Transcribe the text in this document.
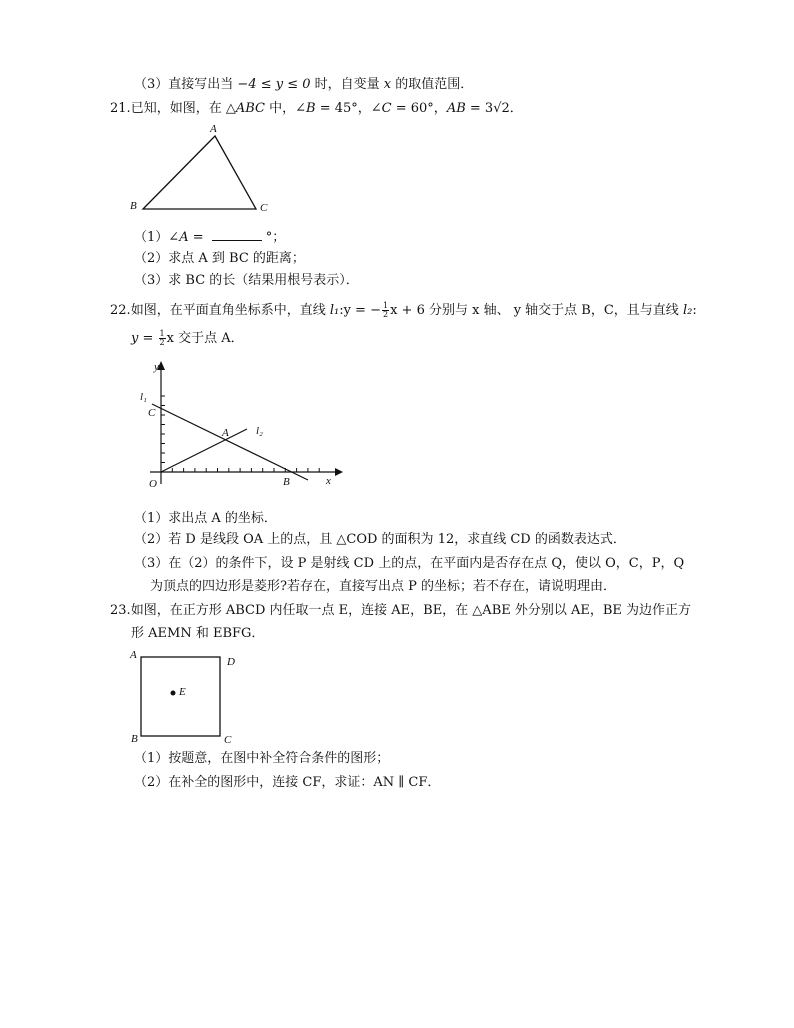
（3）直接写出当 −4 ≤ y ≤ 0 时，自变量 x 的取值范围．
21.已知，如图，在 △ABC 中，∠B = 45°，∠C = 60°，AB = 3√2．
A
B	C
（1）∠A =	°；
（2）求点 A 到 BC 的距离；
（3）求 BC 的长（结果用根号表示）．
22.如图，在平面直角坐标系中，直线 l₁:y = − $\frac{1}{2}$ x + 6 分别与 x 轴、 y 轴交于点 B，C，且与直线 l₂:
$y = \frac{1}{2}$ x 交于点 A．
y
x
O
C
A
B
l₁
l₂
（1）求出点 A 的坐标．
（2）若 D 是线段 OA 上的点，且 △COD 的面积为 12，求直线 CD 的函数表达式．
（3）在（2）的条件下，设 P 是射线 CD 上的点，在平面内是否存在点 Q，使以 O，C，P，Q
为顶点的四边形是菱形?若存在，直接写出点 P 的坐标；若不存在，请说明理由．
23.如图，在正方形 ABCD 内任取一点 E，连接 AE，BE，在 △ABE 外分别以 AE，BE 为边作正方
形 AEMN 和 EBFG．
A
D
B	C
E
（1）按题意，在图中补全符合条件的图形；
（2）在补全的图形中，连接 CF，求证：AN ∥ CF．
